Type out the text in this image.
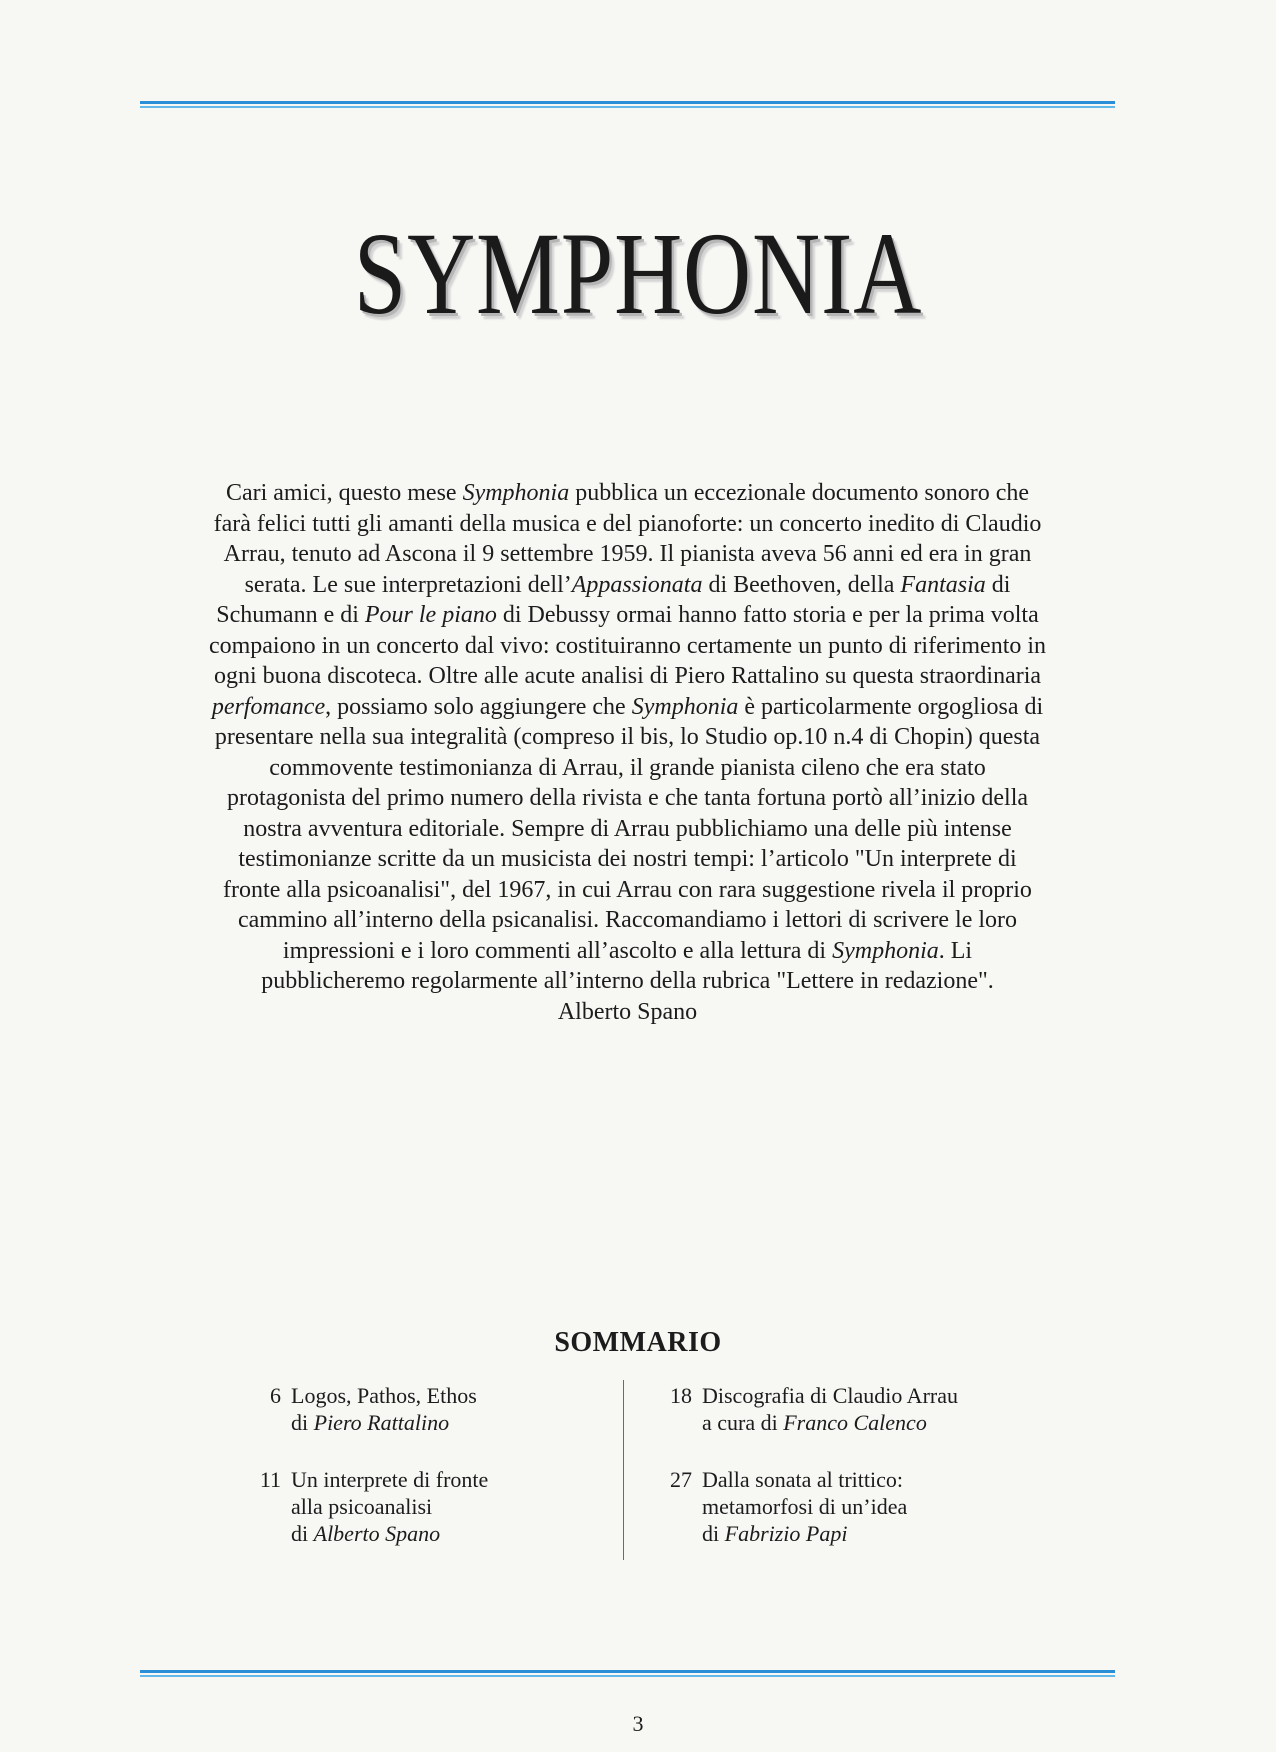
SYMPHONIA

Cari amici, questo mese Symphonia pubblica un eccezionale documento sonoro che

farà felici tutti gli amanti della musica e del pianoforte: un concerto inedito di Claudio

Arrau, tenuto ad Ascona il 9 settembre 1959. Il pianista aveva 56 anni ed era in gran

serata. Le sue interpretazioni dell’Appassionata di Beethoven, della Fantasia di

Schumann e di Pour le piano di Debussy ormai hanno fatto storia e per la prima volta

compaiono in un concerto dal vivo: costituiranno certamente un punto di riferimento in

ogni buona discoteca. Oltre alle acute analisi di Piero Rattalino su questa straordinaria

perfomance, possiamo solo aggiungere che Symphonia è particolarmente orgogliosa di

presentare nella sua integralità (compreso il bis, lo Studio op.10 n.4 di Chopin) questa

commovente testimonianza di Arrau, il grande pianista cileno che era stato

protagonista del primo numero della rivista e che tanta fortuna portò all’inizio della

nostra avventura editoriale. Sempre di Arrau pubblichiamo una delle più intense

testimonianze scritte da un musicista dei nostri tempi: l’articolo "Un interprete di

fronte alla psicoanalisi", del 1967, in cui Arrau con rara suggestione rivela il proprio

cammino all’interno della psicanalisi. Raccomandiamo i lettori di scrivere le loro

impressioni e i loro commenti all’ascolto e alla lettura di Symphonia. Li

pubblicheremo regolarmente all’interno della rubrica "Lettere in redazione".

Alberto Spano

SOMMARIO
6 Logos, Pathos, Ethos
di Piero Rattalino
11 Un interprete di fronte
alla psicoanalisi
di Alberto Spano
18 Discografia di Claudio Arrau
a cura di Franco Calenco
27 Dalla sonata al trittico:
metamorfosi di un’idea
di Fabrizio Papi
3
